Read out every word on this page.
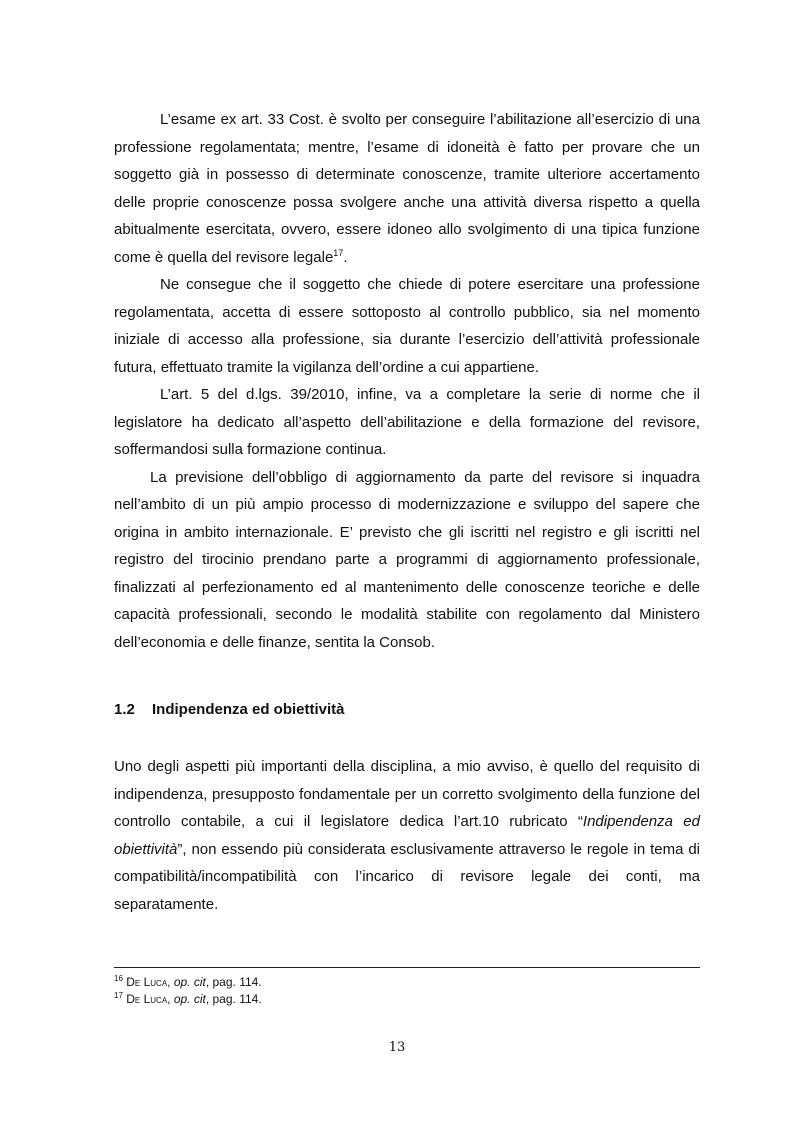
L’esame ex art. 33 Cost. è svolto per conseguire l’abilitazione all’esercizio di una professione regolamentata; mentre, l’esame di idoneità è fatto per provare che un soggetto già in possesso di determinate conoscenze, tramite ulteriore accertamento delle proprie conoscenze possa svolgere anche una attività diversa rispetto a quella abitualmente esercitata, ovvero, essere idoneo allo svolgimento di una tipica funzione come è quella del revisore legale$^{17}$.

Ne consegue che il soggetto che chiede di potere esercitare una professione regolamentata, accetta di essere sottoposto al controllo pubblico, sia nel momento iniziale di accesso alla professione, sia durante l’esercizio dell’attività professionale futura, effettuato tramite la vigilanza dell’ordine a cui appartiene.

L’art. 5 del d.lgs. 39/2010, infine, va a completare la serie di norme che il legislatore ha dedicato all’aspetto dell’abilitazione e della formazione del revisore, soffermandosi sulla formazione continua.

La previsione dell’obbligo di aggiornamento da parte del revisore si inquadra nell’ambito di un più ampio processo di modernizzazione e sviluppo del sapere che origina in ambito internazionale. E’ previsto che gli iscritti nel registro e gli iscritti nel registro del tirocinio prendano parte a programmi di aggiornamento professionale, finalizzati al perfezionamento ed al mantenimento delle conoscenze teoriche e delle capacità professionali, secondo le modalità stabilite con regolamento dal Ministero dell’economia e delle finanze, sentita la Consob.

1.2 Indipendenza ed obiettività

Uno degli aspetti più importanti della disciplina, a mio avviso, è quello del requisito di indipendenza, presupposto fondamentale per un corretto svolgimento della funzione del controllo contabile, a cui il legislatore dedica l’art.10 rubricato “Indipendenza ed obiettività”, non essendo più considerata esclusivamente attraverso le regole in tema di compatibilità/incompatibilità con l’incarico di revisore legale dei conti, ma separatamente.

$^{16}$ De Luca, op. cit, pag. 114.

$^{17}$ De Luca, op. cit, pag. 114.

13
